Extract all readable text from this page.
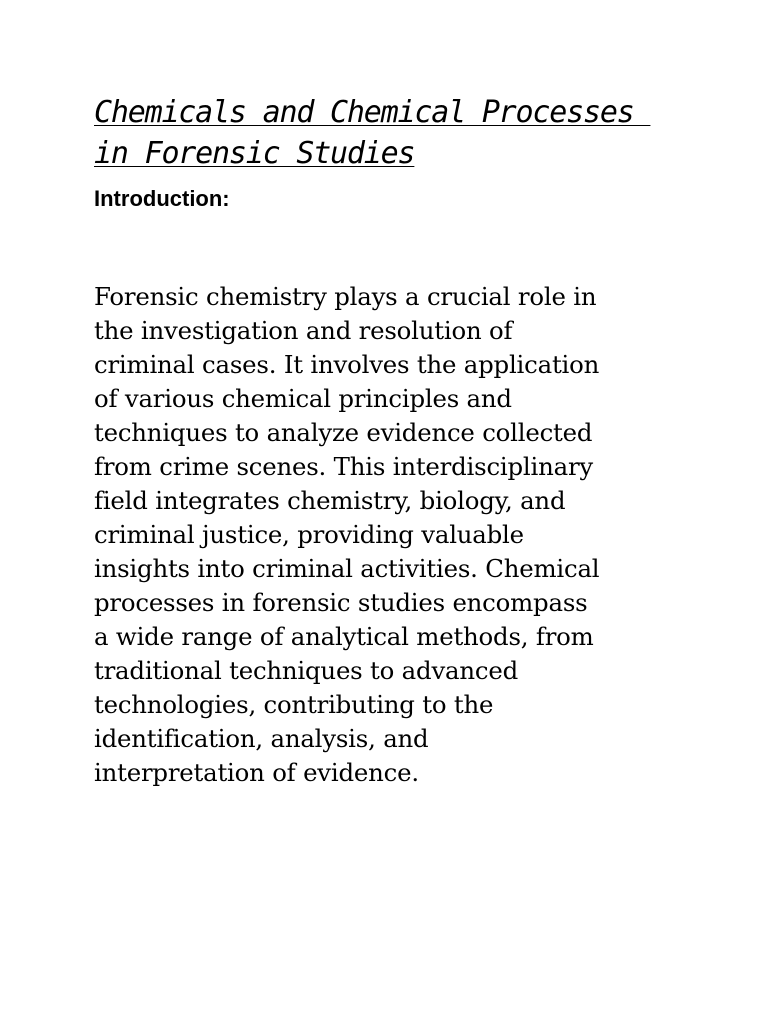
Chemicals and Chemical Processes
in Forensic Studies
Introduction:
Forensic chemistry plays a crucial role in
the investigation and resolution of
criminal cases. It involves the application
of various chemical principles and
techniques to analyze evidence collected
from crime scenes. This interdisciplinary
field integrates chemistry, biology, and
criminal justice, providing valuable
insights into criminal activities. Chemical
processes in forensic studies encompass
a wide range of analytical methods, from
traditional techniques to advanced
technologies, contributing to the
identification, analysis, and
interpretation of evidence.
